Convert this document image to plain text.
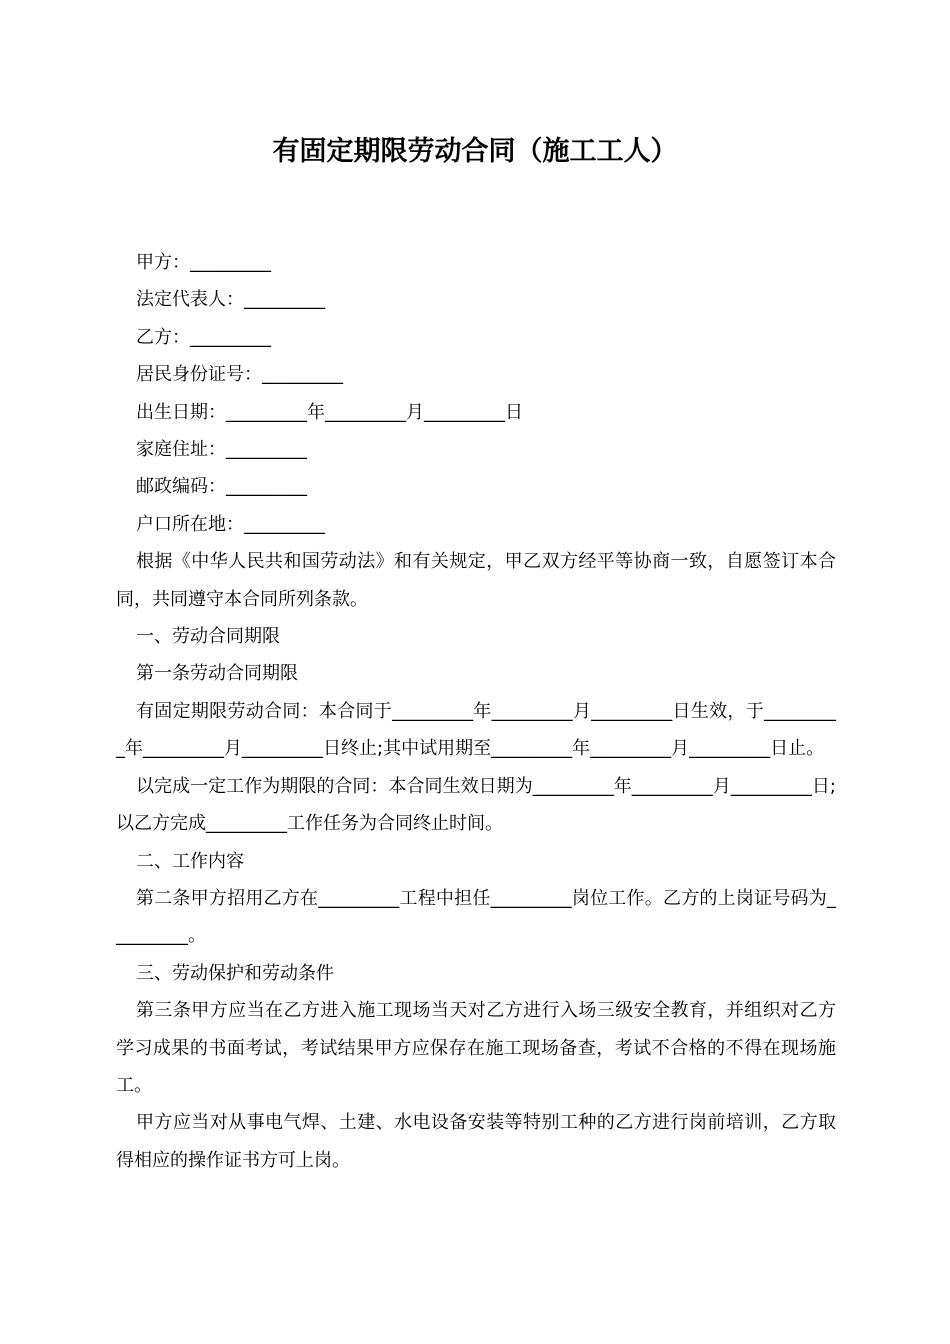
有固定期限劳动合同（施工工人）

甲方：_________

法定代表人：_________

乙方：_________

居民身份证号：_________

出生日期：_________年_________月_________日

家庭住址：_________

邮政编码：_________

户口所在地：_________

根据《中华人民共和国劳动法》和有关规定，甲乙双方经平等协商一致，自愿签订本合同，共同遵守本合同所列条款。

一、劳动合同期限

第一条劳动合同期限

有固定期限劳动合同：本合同于_________年_________月_________日生效，于_________年_________月_________日终止;其中试用期至_________年_________月_________日止。

以完成一定工作为期限的合同：本合同生效日期为_________年_________月_________日;以乙方完成_________工作任务为合同终止时间。

二、工作内容

第二条甲方招用乙方在_________工程中担任_________岗位工作。乙方的上岗证号码为_________。

三、劳动保护和劳动条件

第三条甲方应当在乙方进入施工现场当天对乙方进行入场三级安全教育，并组织对乙方学习成果的书面考试，考试结果甲方应保存在施工现场备查，考试不合格的不得在现场施工。

甲方应当对从事电气焊、土建、水电设备安装等特别工种的乙方进行岗前培训，乙方取得相应的操作证书方可上岗。
